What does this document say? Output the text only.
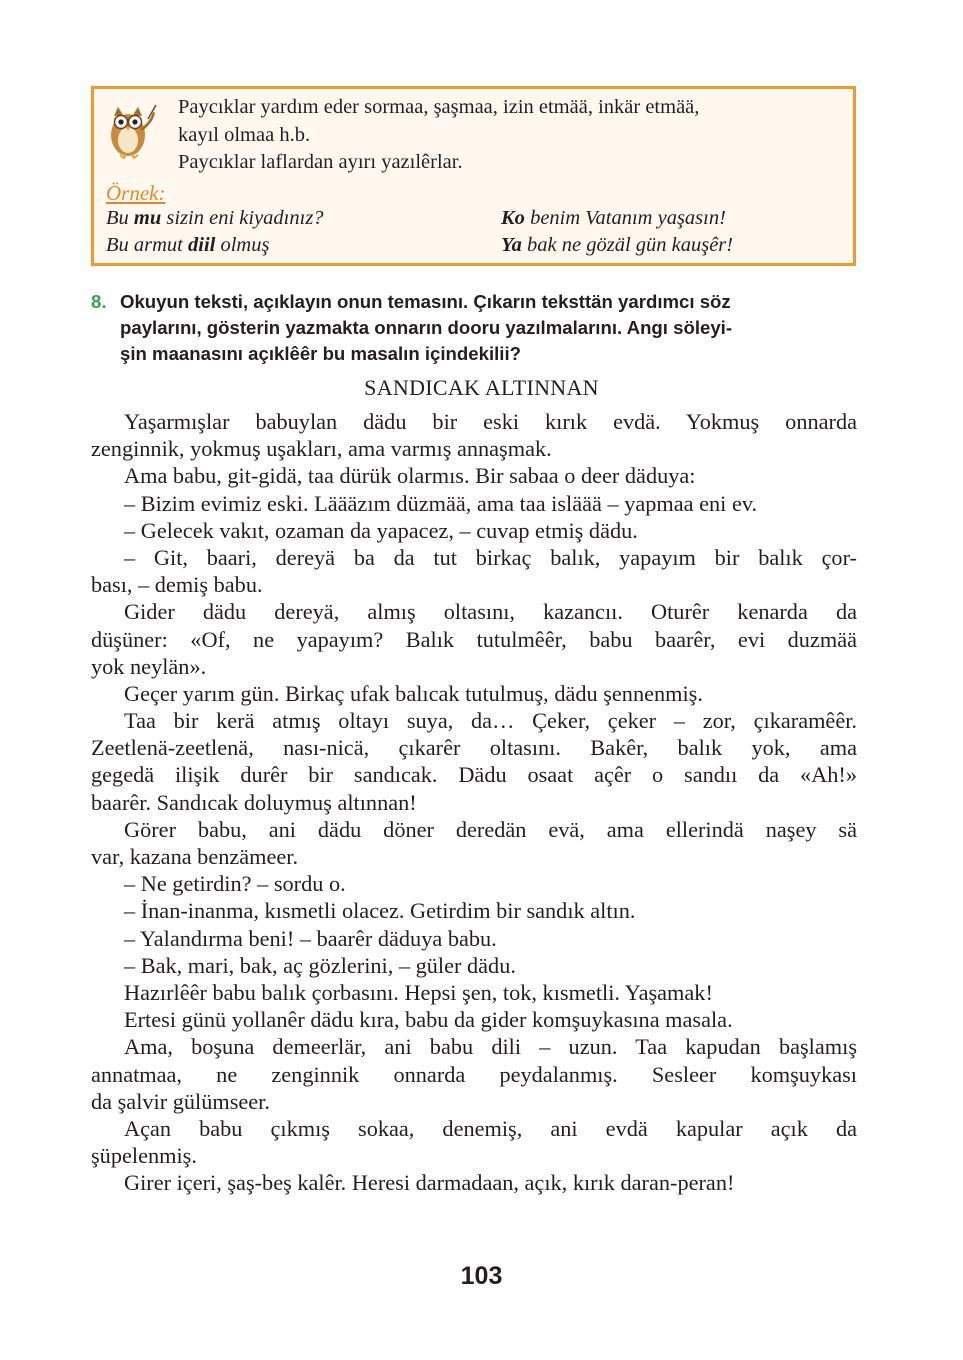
Paycıklar yardım eder sormaa, şaşmaa, izin etmää, inkär etmää,
kayıl olmaa h.b.
Paycıklar laflardan ayırı yazılêrlar.
Örnek:
Bu mu sizin eni kiyadınız?
Bu armut diil olmuş
Ko benim Vatanım yaşasın!
Ya bak ne gözäl gün kauşêr!
8. Okuyun teksti, açıklayın onun temasını. Çıkarın teksttän yardımcı söz
paylarını, gösterin yazmakta onnarın dooru yazılmalarını. Angı söleyi-
şin maanasını açıklêêr bu masalın içindekilii?
SANDICAK ALTINNAN
Yaşarmışlar babuylan dädu bir eski kırık evdä. Yokmuş onnarda
zenginnik, yokmuş uşakları, ama varmış annaşmak.
Ama babu, git-gidä, taa dürük olarmıs. Bir sabaa o deer däduya:
– Bizim evimiz eski. Läääzım düzmää, ama taa isläää – yapmaa eni ev.
– Gelecek vakıt, ozaman da yapacez, – cuvap etmiş dädu.
– Git, baari, dereyä ba da tut birkaç balık, yapayım bir balık çor-
bası, – demiş babu.
Gider dädu dereyä, almış oltasını, kazancıı. Oturêr kenarda da
düşüner: «Of, ne yapayım? Balık tutulmêêr, babu baarêr, evi duzmää
yok neylän».
Geçer yarım gün. Birkaç ufak balıcak tutulmuş, dädu şennenmiş.
Taa bir kerä atmış oltayı suya, da… Çeker, çeker – zor, çıkaramêêr.
Zeetlenä-zeetlenä, nası-nicä, çıkarêr oltasını. Bakêr, balık yok, ama
gegedä ilişik durêr bir sandıcak. Dädu osaat açêr o sandıı da «Ah!»
baarêr. Sandıcak doluymuş altınnan!
Görer babu, ani dädu döner deredän evä, ama ellerindä naşey sä
var, kazana benzämeer.
– Ne getirdin? – sordu o.
– İnan-inanma, kısmetli olacez. Getirdim bir sandık altın.
– Yalandırma beni! – baarêr däduya babu.
– Bak, mari, bak, aç gözlerini, – güler dädu.
Hazırlêêr babu balık çorbasını. Hepsi şen, tok, kısmetli. Yaşamak!
Ertesi günü yollanêr dädu kıra, babu da gider komşuykasına masala.
Ama, boşuna demeerlär, ani babu dili – uzun. Taa kapudan başlamış
annatmaa, ne zenginnik onnarda peydalanmış. Sesleer komşuykası
da şalvir gülümseer.
Açan babu çıkmış sokaa, denemiş, ani evdä kapular açık da
şüpelenmiş.
Girer içeri, şaş-beş kalêr. Heresi darmadaan, açık, kırık daran-peran!
103
